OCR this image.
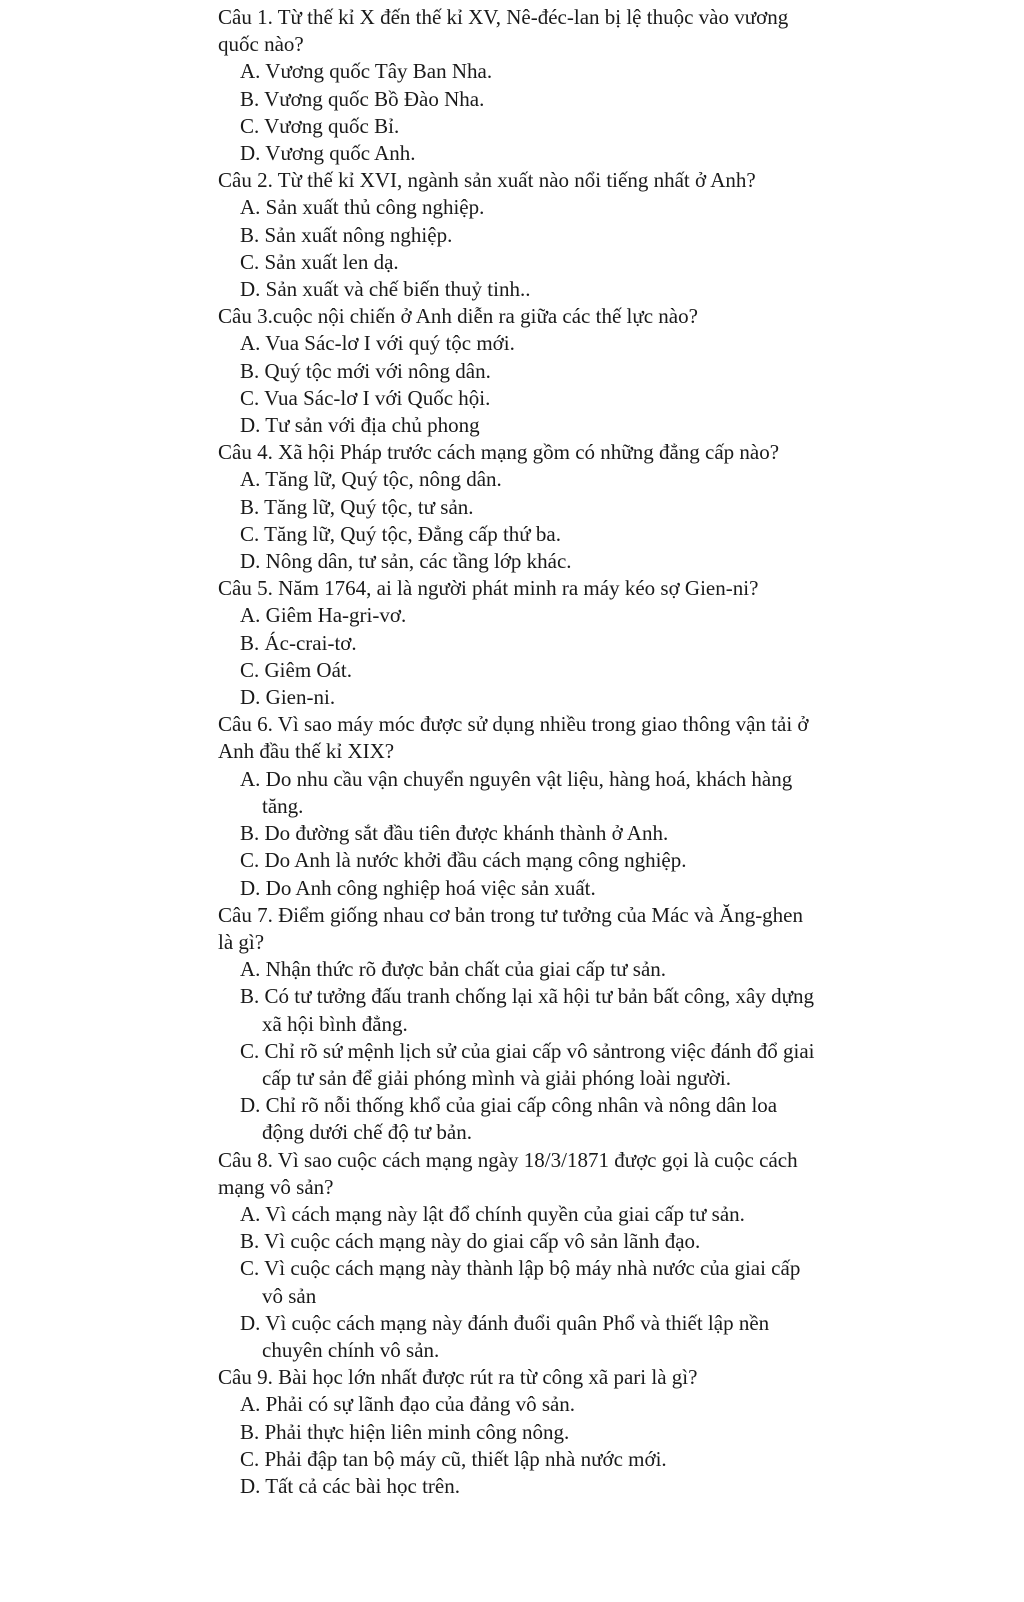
Câu 1. Từ thế kỉ X đến thế kỉ XV, Nê-đéc-lan bị lệ thuộc vào vương quốc nào?

A. Vương quốc Tây Ban Nha.

B. Vương quốc Bồ Đào Nha.

C. Vương quốc Bỉ.

D. Vương quốc Anh.

Câu 2. Từ thế kỉ XVI, ngành sản xuất nào nổi tiếng nhất ở Anh?

A. Sản xuất thủ công nghiệp.

B. Sản xuất nông nghiệp.

C. Sản xuất len dạ.

D. Sản xuất và chế biến thuỷ tinh..

Câu 3.cuộc nội chiến ở Anh diễn ra giữa các thế lực nào?

A. Vua Sác-lơ I với quý tộc mới.

B. Quý tộc mới với nông dân.

C. Vua Sác-lơ I với Quốc hội.

D. Tư sản với địa chủ phong

Câu 4. Xã hội Pháp trước cách mạng gồm có những đẳng cấp nào?

A. Tăng lữ, Quý tộc, nông dân.

B. Tăng lữ, Quý tộc, tư sản.

C. Tăng lữ, Quý tộc, Đẳng cấp thứ ba.

D. Nông dân, tư sản, các tầng lớp khác.

Câu 5. Năm 1764, ai là người phát minh ra máy kéo sợ Gien-ni?

A. Giêm Ha-gri-vơ.

B. Ác-crai-tơ.

C. Giêm Oát.

D. Gien-ni.

Câu 6. Vì sao máy móc được sử dụng nhiều trong giao thông vận tải ở Anh đầu thế kỉ XIX?

A. Do nhu cầu vận chuyển nguyên vật liệu, hàng hoá, khách hàng tăng.

B. Do đường sắt đầu tiên được khánh thành ở Anh.

C. Do Anh là nước khởi đầu cách mạng công nghiệp.

D. Do Anh công nghiệp hoá việc sản xuất.

Câu 7. Điểm giống nhau cơ bản trong tư tưởng của Mác và Ăng-ghen là gì?

A. Nhận thức rõ được bản chất của giai cấp tư sản.

B. Có tư tưởng đấu tranh chống lại xã hội tư bản bất công, xây dựng xã hội bình đẳng.

C. Chỉ rõ sứ mệnh lịch sử của giai cấp vô sảntrong việc đánh đổ giai cấp tư sản để giải phóng mình và giải phóng loài người.

D. Chỉ rõ nỗi thống khổ của giai cấp công nhân và nông dân loa động dưới chế độ tư bản.

Câu 8. Vì sao cuộc cách mạng ngày 18/3/1871 được gọi là cuộc cách mạng vô sản?

A. Vì cách mạng này lật đổ chính quyền của giai cấp tư sản.

B. Vì cuộc cách mạng này do giai cấp vô sản lãnh đạo.

C. Vì cuộc cách mạng này thành lập bộ máy nhà nước của giai cấp vô sản

D. Vì cuộc cách mạng này đánh đuổi quân Phổ và thiết lập nền chuyên chính vô sản.

Câu 9. Bài học lớn nhất được rút ra từ công xã pari là gì?

A. Phải có sự lãnh đạo của đảng vô sản.

B. Phải thực hiện liên minh công nông.

C. Phải đập tan bộ máy cũ, thiết lập nhà nước mới.

D. Tất cả các bài học trên.
